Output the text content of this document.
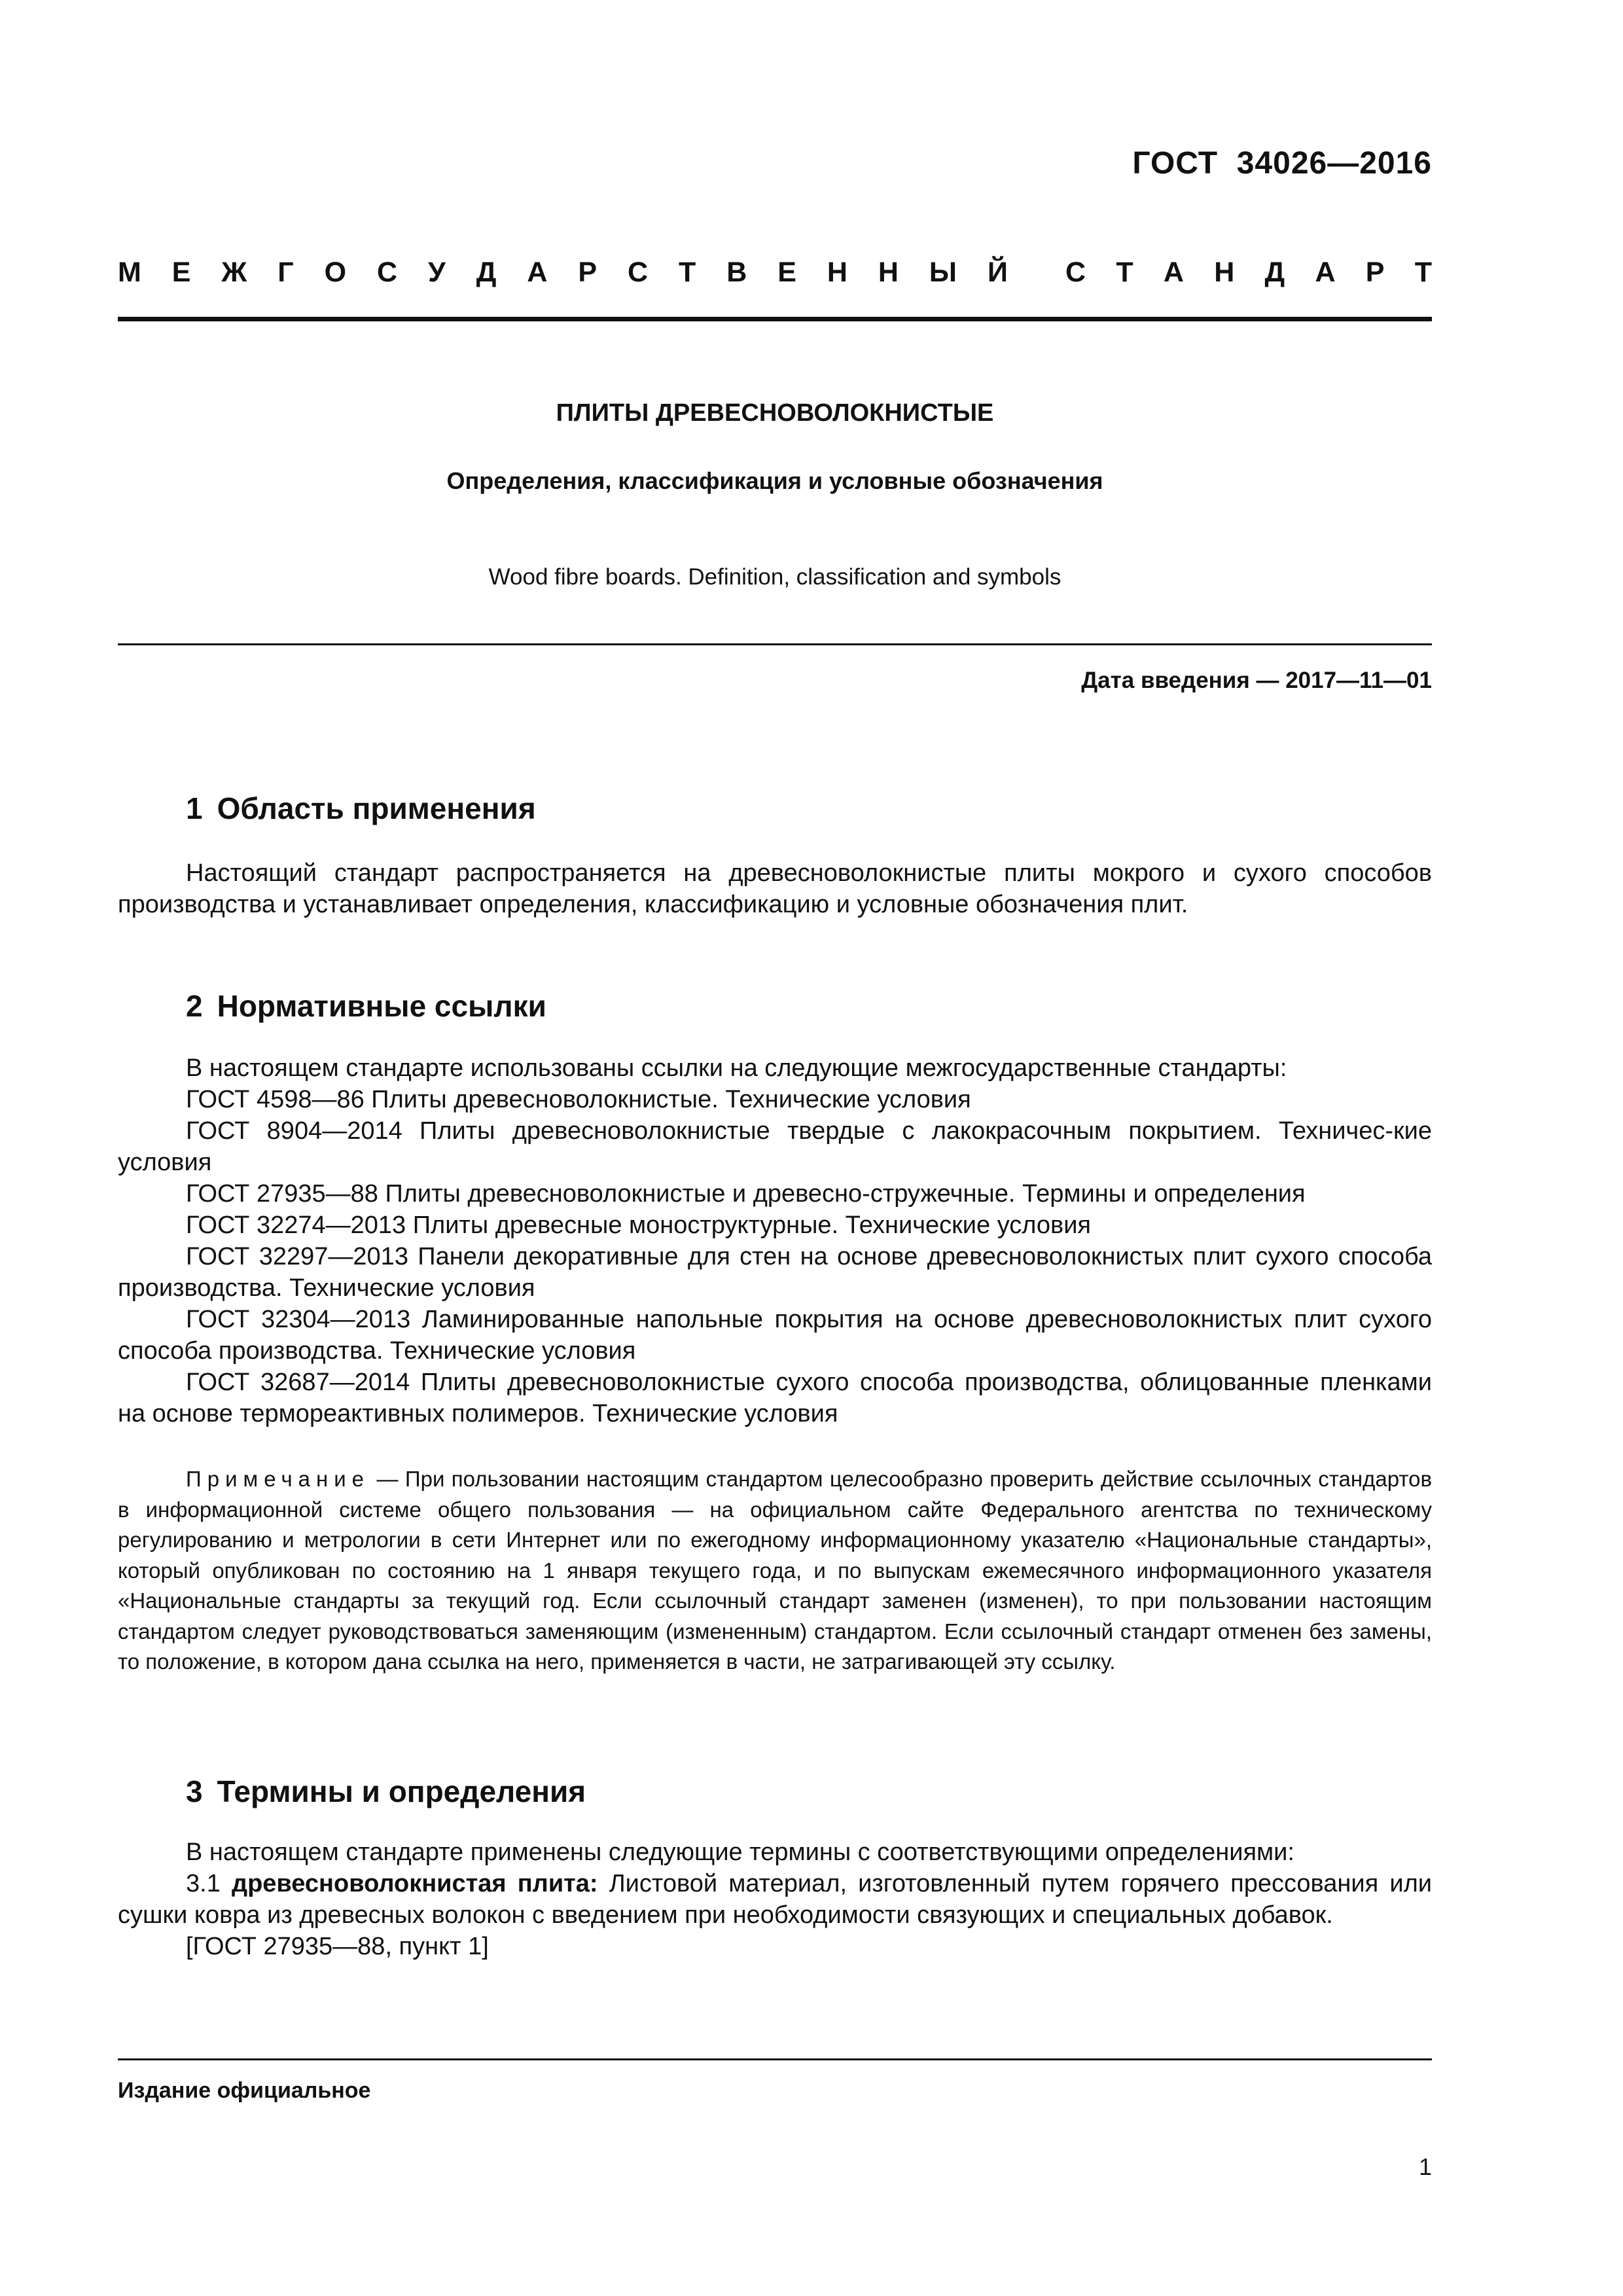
ГОСТ  34026—2016
М Е Ж Г О С У Д А Р С Т В Е Н Н Ы Й С Т А Н Д А Р Т
ПЛИТЫ ДРЕВЕСНОВОЛОКНИСТЫЕ
Определения, классификация и условные обозначения
Wood fibre boards. Definition, classification and symbols
Дата введения — 2017—11—01
1 Область применения

Настоящий стандарт распространяется на древесноволокнистые плиты мокрого и сухого способов производства и устанавливает определения, классификацию и условные обозначения плит.

2 Нормативные ссылки

В настоящем стандарте использованы ссылки на следующие межгосударственные стандарты:

ГОСТ 4598—86 Плиты древесноволокнистые. Технические условия

ГОСТ 8904—2014 Плиты древесноволокнистые твердые с лакокрасочным покрытием. Техничес-кие условия

ГОСТ 27935—88 Плиты древесноволокнистые и древесно-стружечные. Термины и определения

ГОСТ 32274—2013 Плиты древесные моноструктурные. Технические условия

ГОСТ 32297—2013 Панели декоративные для стен на основе древесноволокнистых плит сухого способа производства. Технические условия

ГОСТ 32304—2013 Ламинированные напольные покрытия на основе древесноволокнистых плит сухого способа производства. Технические условия

ГОСТ 32687—2014 Плиты древесноволокнистые сухого способа производства, облицованные пленками на основе термореактивных полимеров. Технические условия

Примечание — При пользовании настоящим стандартом целесообразно проверить действие ссылочных стандартов в информационной системе общего пользования — на официальном сайте Федерального агентства по техническому регулированию и метрологии в сети Интернет или по ежегодному информационному указателю «Национальные стандарты», который опубликован по состоянию на 1 января текущего года, и по выпускам ежемесячного информационного указателя «Национальные стандарты за текущий год. Если ссылочный стандарт заменен (изменен), то при пользовании настоящим стандартом следует руководствоваться заменяющим (измененным) стандартом. Если ссылочный стандарт отменен без замены, то положение, в котором дана ссылка на него, применяется в части, не затрагивающей эту ссылку.

3 Термины и определения

В настоящем стандарте применены следующие термины с соответствующими определениями:

3.1 древесноволокнистая плита: Листовой материал, изготовленный путем горячего прессования или сушки ковра из древесных волокон с введением при необходимости связующих и специальных добавок.

[ГОСТ 27935—88, пункт 1]

Издание официальное
1
